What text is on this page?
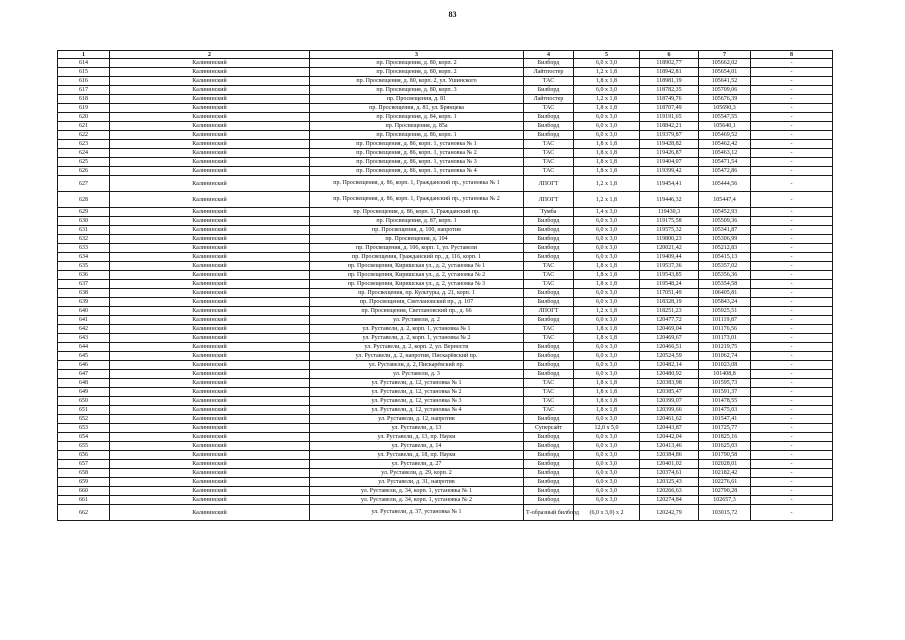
83
1	2	3	4	5	6	7	8
614	Калининский	пр. Просвещения, д. 80, корп. 2	Билборд	6,0 х 3,0	118902,77	105662,02	-
615	Калининский	пр. Просвещения, д. 80, корп. 2	Лайтпостер	1,2 х 1,8	118942,81	105654,01	-
616	Калининский	пр. Просвещения, д. 80, корп. 2, ул. Ушинского	ТАС	1,8 х 1,8	118981,19	105641,52	-
617	Калининский	пр. Просвещения, д. 80, корп. 3	Билборд	6,0 х 3,0	118782,35	105709,06	-
618	Калининский	пр. Просвещения, д. 81	Лайтпостер	1,2 х 1,8	118749,76	105676,39	-
619	Калининский	пр. Просвещения, д. 81, ул. Брянцева	ТАС	1,8 х 1,8	118707,49	105690,3	-
620	Калининский	пр. Просвещения, д. 84, корп. 1	Билборд	6,0 х 3,0	119191,65	105547,55	-
621	Калининский	пр. Просвещения, д. 85а	Билборд	6,0 х 3,0	118842,21	105640,1	-
622	Калининский	пр. Просвещения, д. 86, корп. 1	Билборд	6,0 х 3,0	119379,87	105469,52	-
623	Калининский	пр. Просвещения, д. 86, корп. 1, установка № 1	ТАС	1,8 х 1,8	119428,82	105462,42	-
624	Калининский	пр. Просвещения, д. 86, корп. 1, установка № 2	ТАС	1,8 х 1,8	119426,87	105463,12	-
625	Калининский	пр. Просвещения, д. 86, корп. 1, установка № 3	ТАС	1,8 х 1,8	119404,07	105471,54	-
626	Калининский	пр. Просвещения, д. 86, корп. 1, установка № 4	ТАС	1,8 х 1,8	119399,42	105472,86	-
627	Калининский	пр. Просвещения, д. 86, корп. 1, Гражданский пр., установка № 1	ЛПОГТ	1,2 х 1,8	119454,41	105444,56	-
628	Калининский	пр. Просвещения, д. 86, корп. 1, Гражданский пр., установка № 2	ЛПОГТ	1,2 х 1,8	119446,32	105447,4	-
629	Калининский	пр. Просвещения, д. 86, корп. 1, Гражданский пр.	Тумба	1,4 х 3,0	119430,3	105452,93	-
630	Калининский	пр. Просвещения, д. 87, корп. 1	Билборд	6,0 х 3,0	119175,58	105509,36	-
631	Калининский	пр. Просвещения, д. 100, напротив	Билборд	6,0 х 3,0	119575,32	105341,87	-
632	Калининский	пр. Просвещения, д. 104	Билборд	6,0 х 3,0	119800,23	105306,99	-
633	Калининский	пр. Просвещения, д. 106, корп. 1, ул. Руставели	Билборд	6,0 х 3,0	120021,42	105212,83	-
634	Калининский	пр. Просвещения, Гражданский пр., д. 116, корп. 1	Билборд	6,0 х 3,0	119409,44	105415,13	-
635	Калининский	пр. Просвещения, Киришская ул., д. 2, установка № 1	ТАС	1,8 х 1,8	119537,36	105357,02	-
636	Калининский	пр. Просвещения, Киришская ул., д. 2, установка № 2	ТАС	1,8 х 1,8	119543,85	105356,36	-
637	Калининский	пр. Просвещения, Киришская ул., д. 2, установка № 3	ТАС	1,8 х 1,8	119548,24	105354,58	-
638	Калининский	пр. Просвещения, пр. Культуры, д. 21, корп. 1	Билборд	6,0 х 3,0	117051,49	106405,81	-
639	Калининский	пр. Просвещения, Светлановский пр., д. 107	Билборд	6,0 х 3,0	118328,19	105843,24	-
640	Калининский	пр. Просвещения, Светлановский пр., д. 66	ЛПОГТ	1,2 х 1,8	118251,23	105925,51	-
641	Калининский	ул. Руставели, д. 2	Билборд	6,0 х 3,0	120477,72	101119,87	-
642	Калининский	ул. Руставели, д. 2, корп. 1, установка № 1	ТАС	1,8 х 1,8	120469,04	101176,56	-
643	Калининский	ул. Руставели, д. 2, корп. 1, установка № 2	ТАС	1,8 х 1,8	120469,67	101173,01	-
644	Калининский	ул. Руставели, д. 2, корп. 2, ул. Верности	Билборд	6,0 х 3,0	120466,51	101219,75	-
645	Калининский	ул. Руставели, д. 2, напротив, Пискарёвский пр.	Билборд	6,0 х 3,0	120524,59	101062,74	-
646	Калининский	ул. Руставели, д. 2, Пискарёвский пр.	Билборд	6,0 х 3,0	120482,14	101023,08	-
647	Калининский	ул. Руставели, д. 3	Билборд	6,0 х 3,0	120480,92	101408,8	-
648	Калининский	ул. Руставели, д. 12, установка № 1	ТАС	1,8 х 1,8	120383,98	101595,73	-
649	Калининский	ул. Руставели, д. 12, установка № 2	ТАС	1,8 х 1,8	120385,47	101591,37	-
650	Калининский	ул. Руставели, д. 12, установка № 3	ТАС	1,8 х 1,8	120399,07	101478,55	-
651	Калининский	ул. Руставели, д. 12, установка № 4	ТАС	1,8 х 1,8	120399,66	101475,03	-
652	Калининский	ул. Руставели, д. 12, напротив	Билборд	6,0 х 3,0	120461,62	101547,41	-
653	Калининский	ул. Руставели, д. 13	Суперсайт	12,0 х 5,0	120443,87	101725,77	-
654	Калининский	ул. Руставели, д. 13, пр. Науки	Билборд	6,0 х 3,0	120442,04	101825,16	-
655	Калининский	ул. Руставели, д. 14	Билборд	6,0 х 3,0	120413,46	101625,03	-
656	Калининский	ул. Руставели, д. 18, пр. Науки	Билборд	6,0 х 3,0	120384,86	101790,58	-
657	Калининский	ул. Руставели, д. 27	Билборд	6,0 х 3,0	120401,02	102028,01	-
658	Калининский	ул. Руставели, д. 29, корп. 2	Билборд	6,0 х 3,0	120374,61	102182,42	-
659	Калининский	ул. Руставели, д. 31, напротив	Билборд	6,0 х 3,0	120325,43	102276,61	-
660	Калининский	ул. Руставели, д. 34, корп. 1, установка № 1	Билборд	6,0 х 3,0	120266,63	102790,28	-
661	Калининский	ул. Руставели, д. 34, корп. 1, установка № 2	Билборд	6,0 х 3,0	120274,84	102657,3	-
662	Калининский	ул. Руставели, д. 37, установка № 1	Т-образный билборд	(6,0 х 3,0) х 2	120242,79	103015,72	-
